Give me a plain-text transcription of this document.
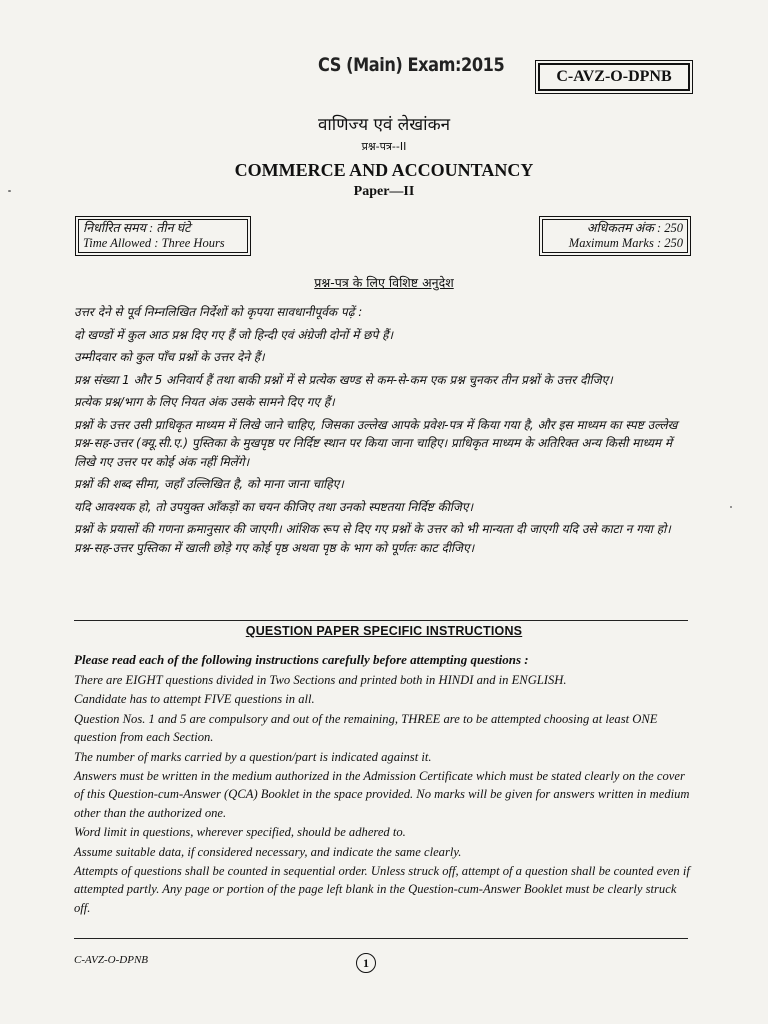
CS (Main) Exam:2015
C-AVZ-O-DPNB
वाणिज्य एवं लेखांकन
प्रश्न-पत्र--II
COMMERCE AND ACCOUNTANCY
Paper—II
निर्धारित समय : तीन घंटे
Time Allowed : Three Hours
अधिकतम अंक : 250
Maximum Marks : 250
प्रश्न-पत्र के लिए विशिष्ट अनुदेश

उत्तर देने से पूर्व निम्नलिखित निर्देशों को कृपया सावधानीपूर्वक पढ़ें :

दो खण्डों में कुल आठ प्रश्न दिए गए हैं जो हिन्दी एवं अंग्रेजी दोनों में छपे हैं।

उम्मीदवार को कुल पाँच प्रश्नों के उत्तर देने हैं।

प्रश्न संख्या 1 और 5 अनिवार्य हैं तथा बाकी प्रश्नों में से प्रत्येक खण्ड से कम-से-कम एक प्रश्न चुनकर तीन प्रश्नों के उत्तर दीजिए।

प्रत्येक प्रश्न/भाग के लिए नियत अंक उसके सामने दिए गए हैं।

प्रश्नों के उत्तर उसी प्राधिकृत माध्यम में लिखे जाने चाहिए, जिसका उल्लेख आपके प्रवेश-पत्र में किया गया है, और इस माध्यम का स्पष्ट उल्लेख प्रश्न-सह-उत्तर (क्यू.सी.ए.) पुस्तिका के मुखपृष्ठ पर निर्दिष्ट स्थान पर किया जाना चाहिए। प्राधिकृत माध्यम के अतिरिक्त अन्य किसी माध्यम में लिखे गए उत्तर पर कोई अंक नहीं मिलेंगे।

प्रश्नों की शब्द सीमा, जहाँ उल्लिखित है, को माना जाना चाहिए।

यदि आवश्यक हो, तो उपयुक्त आँकड़ों का चयन कीजिए तथा उनको स्पष्टतया निर्दिष्ट कीजिए।

प्रश्नों के प्रयासों की गणना क्रमानुसार की जाएगी। आंशिक रूप से दिए गए प्रश्नों के उत्तर को भी मान्यता दी जाएगी यदि उसे काटा न गया हो। प्रश्न-सह-उत्तर पुस्तिका में खाली छोड़े गए कोई पृष्ठ अथवा पृष्ठ के भाग को पूर्णतः काट दीजिए।

QUESTION PAPER SPECIFIC INSTRUCTIONS
Please read each of the following instructions carefully before attempting questions :

There are EIGHT questions divided in Two Sections and printed both in HINDI and in ENGLISH.

Candidate has to attempt FIVE questions in all.

Question Nos. 1 and 5 are compulsory and out of the remaining, THREE are to be attempted choosing at least ONE question from each Section.

The number of marks carried by a question/part is indicated against it.

Answers must be written in the medium authorized in the Admission Certificate which must be stated clearly on the cover of this Question-cum-Answer (QCA) Booklet in the space provided. No marks will be given for answers written in medium other than the authorized one.

Word limit in questions, wherever specified, should be adhered to.

Assume suitable data, if considered necessary, and indicate the same clearly.

Attempts of questions shall be counted in sequential order. Unless struck off, attempt of a question shall be counted even if attempted partly. Any page or portion of the page left blank in the Question-cum-Answer Booklet must be clearly struck off.

C-AVZ-O-DPNB	1
